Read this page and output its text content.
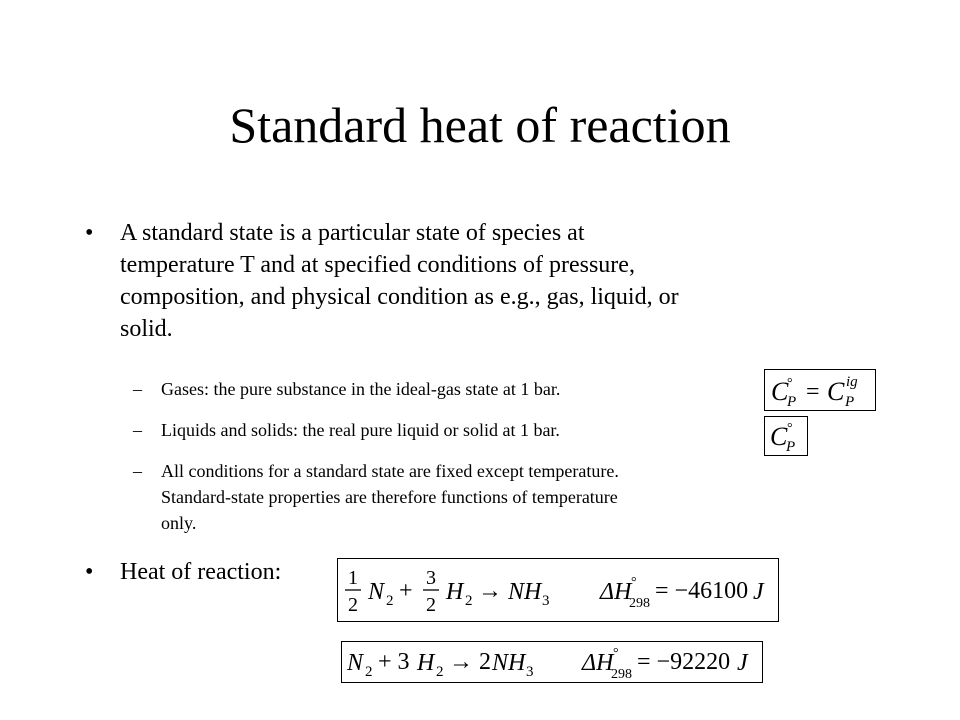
Standard heat of reaction
• A standard state is a particular state of species at
temperature T and at specified conditions of pressure,
composition, and physical condition as e.g., gas, liquid, or
solid.
– Gases: the pure substance in the ideal-gas state at 1 bar.
– Liquids and solids: the real pure liquid or solid at 1 bar.
– All conditions for a standard state are fixed except temperature.
Standard-state properties are therefore functions of temperature
only.
• Heat of reaction:
C
°
P = C ig
P
C °
P
1
2 N 2 + 3
2 H 2 → NH 3 ΔH °
298 = −46100 J
N 2 + 3 H 2 → 2 NH 3 ΔH °
298 = −92220 J
